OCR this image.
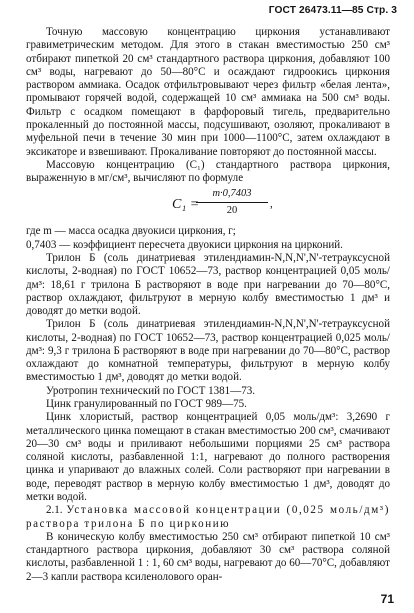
ГОСТ 26473.11—85 Стр. 3

Точную массовую концентрацию циркония устанавливают гравиметрическим методом. Для этого в стакан вместимостью 250 см³ отбирают пипеткой 20 см³ стандартного раствора циркония, добавляют 100 см³ воды, нагревают до 50—80°С и осаждают гидроокись циркония раствором аммиака. Осадок отфильтровывают через фильтр «белая лента», промывают горячей водой, содержащей 10 см³ аммиака на 500 см³ воды. Фильтр с осадком помещают в фарфоровый тигель, предварительно прокаленный до постоянной массы, подсушивают, озоляют, прокаливают в муфельной печи в течение 30 мин при 1000—1100°С, затем охлаждают в эксикаторе и взвешивают. Прокаливание повторяют до постоянной массы.

Массовую концентрацию (C₁) стандартного раствора циркония, выраженную в мг/см³, вычисляют по формуле

C₁ =
$\frac{m\cdot 0,7403}{20}$ ,

где m — масса осадка двуокиси циркония, г;

0,7403 — коэффициент пересчета двуокиси циркония на цирконий.

Трилон Б (соль динатриевая этилендиамин-N,N,N',N'-тетрауксусной кислоты, 2-водная) по ГОСТ 10652—73, раствор концентрацией 0,05 моль/дм³: 18,61 г трилона Б растворяют в воде при нагревании до 70—80°С, раствор охлаждают, фильтруют в мерную колбу вместимостью 1 дм³ и доводят до метки водой.

Трилон Б (соль динатриевая этилендиамин-N,N,N',N'-тетрауксусной кислоты, 2-водная) по ГОСТ 10652—73, раствор концентрацией 0,025 моль/дм³: 9,3 г трилона Б растворяют в воде при нагревании до 70—80°С, раствор охлаждают до комнатной температуры, фильтруют в мерную колбу вместимостью 1 дм³, доводят до метки водой.

Уротропин технический по ГОСТ 1381—73.

Цинк гранулированный по ГОСТ 989—75.

Цинк хлористый, раствор концентрацией 0,05 моль/дм³: 3,2690 г металлического цинка помещают в стакан вместимостью 200 см³, смачивают 20—30 см³ воды и приливают небольшими порциями 25 см³ раствора соляной кислоты, разбавленной 1:1, нагревают до полного растворения цинка и упаривают до влажных солей. Соли растворяют при нагревании в воде, переводят раствор в мерную колбу вместимостью 1 дм³, доводят до метки водой.

2.1. Установка массовой концентрации (0,025 моль/дм³) раствора трилона Б по цирконию

В коническую колбу вместимостью 250 см³ отбирают пипеткой 10 см³ стандартного раствора циркония, добавляют 30 см³ раствора соляной кислоты, разбавленной 1 : 1, 60 см³ воды, нагревают до 60—70°С, добавляют 2—3 капли раствора ксиленолового оран-

71
